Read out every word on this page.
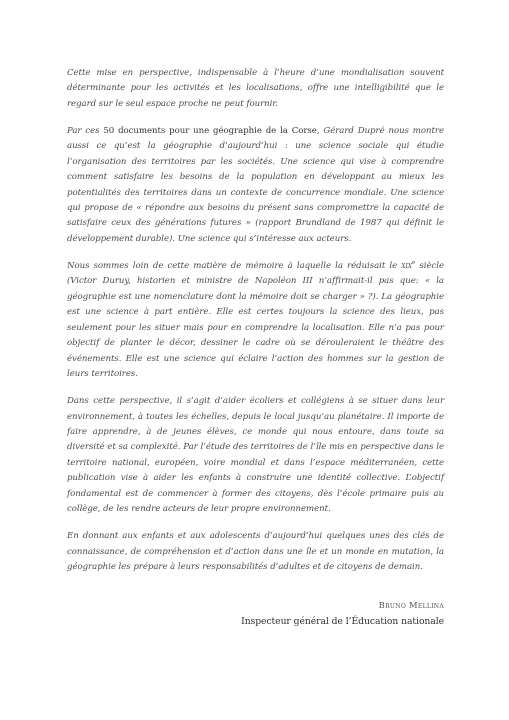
Cette mise en perspective, indispensable à l’heure d’une mondialisation souvent déterminante pour les activités et les localisations, offre une intelligibilité que le regard sur le seul espace proche ne peut fournir.

Par ces 50 documents pour une géographie de la Corse, Gérard Dupré nous montre aussi ce qu’est la géographie d’aujourd’hui : une science sociale qui étudie l’organisation des territoires par les sociétés. Une science qui vise à comprendre comment satisfaire les besoins de la population en développant au mieux les potentialités des territoires dans un contexte de concurrence mondiale. Une science qui propose de « répondre aux besoins du présent sans compromettre la capacité de satisfaire ceux des générations futures » (rapport Brundland de 1987 qui définit le développement durable). Une science qui s’intéresse aux acteurs.

Nous sommes loin de cette matière de mémoire à laquelle la réduisait le xix$^e$ siècle (Victor Duruy, historien et ministre de Napoléon III n’affirmait-il pas que: « la géographie est une nomenclature dont la mémoire doit se charger » ?). La géographie est une science à part entière. Elle est certes toujours la science des lieux, pas seulement pour les situer mais pour en comprendre la localisation. Elle n’a pas pour objectif de planter le décor, dessiner le cadre où se dérouleraient le théâtre des événements. Elle est une science qui éclaire l’action des hommes sur la gestion de leurs territoires.

Dans cette perspective, il s’agit d’aider écoliers et collégiens à se situer dans leur environnement, à toutes les échelles, depuis le local jusqu’au planétaire. Il importe de faire apprendre, à de jeunes élèves, ce monde qui nous entoure, dans toute sa diversité et sa complexité. Par l’étude des territoires de l’île mis en perspective dans le territoire national, européen, voire mondial et dans l’espace méditerranéen, cette publication vise à aider les enfants à construire une identité collective. L’objectif fondamental est de commencer à former des citoyens, dès l’école primaire puis au collège, de les rendre acteurs de leur propre environnement.

En donnant aux enfants et aux adolescents d’aujourd’hui quelques unes des clés de connaissance, de compréhension et d’action dans une île et un monde en mutation, la géographie les prépare à leurs responsabilités d’adultes et de citoyens de demain.

Bruno Mellina
Inspecteur général de l’Éducation nationale
